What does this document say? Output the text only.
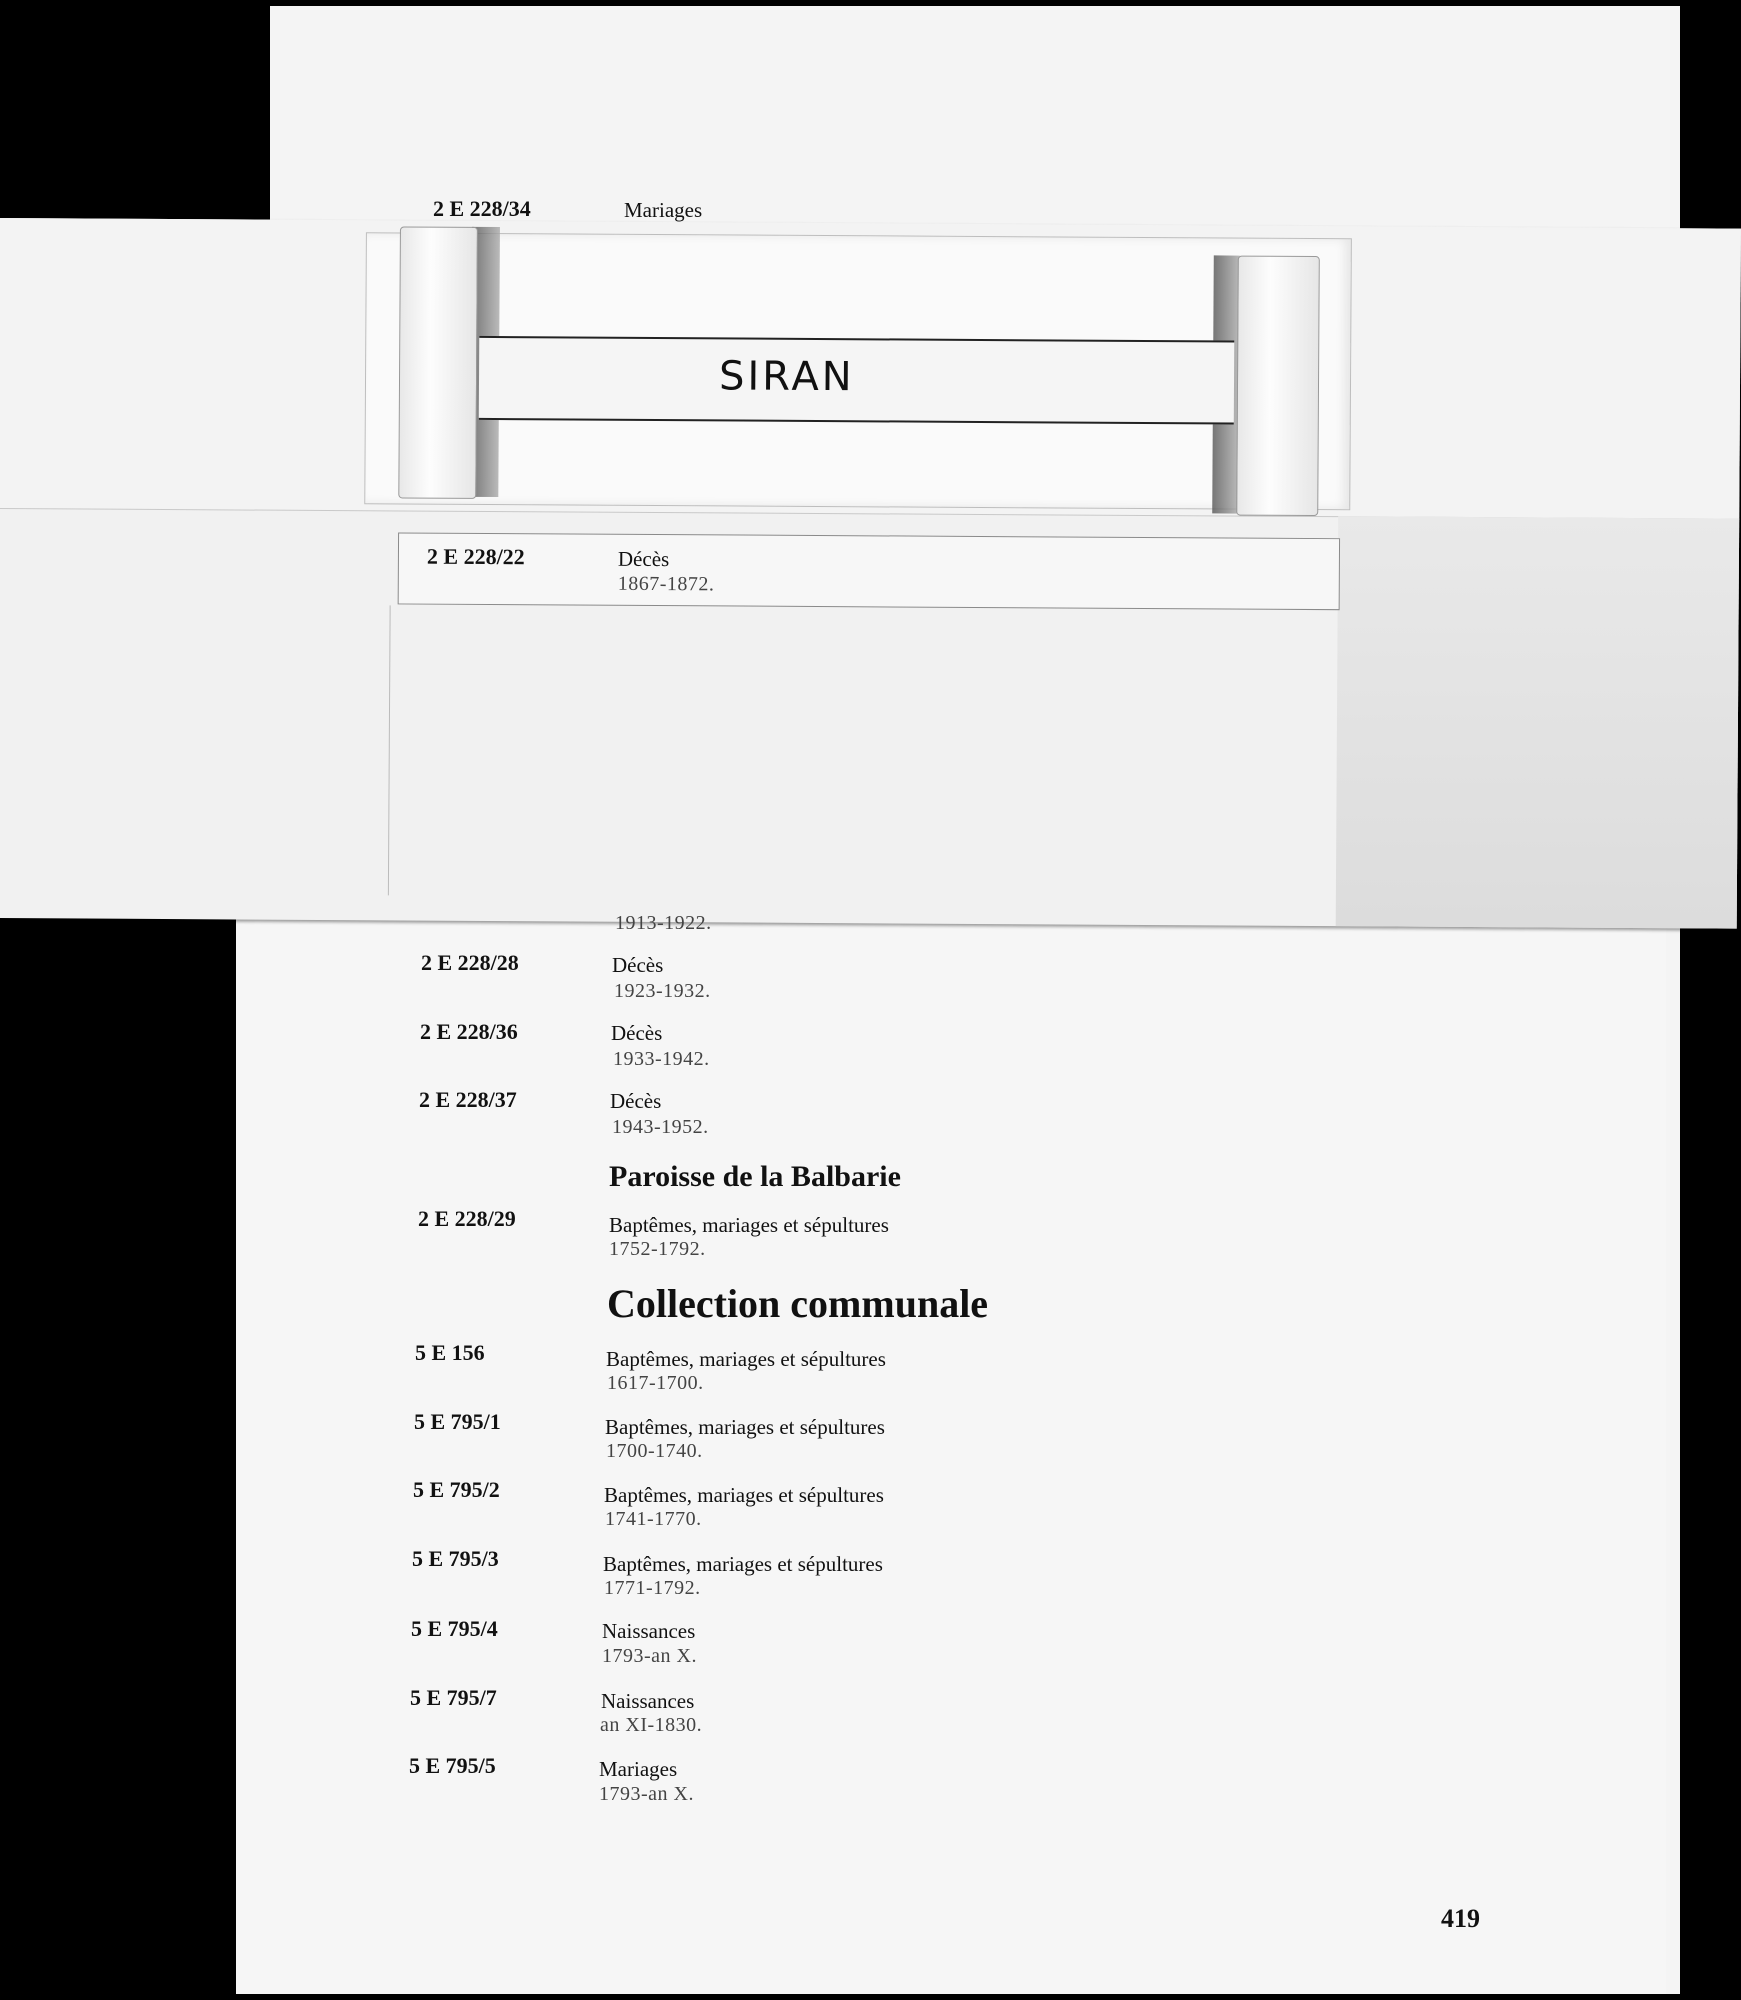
2 E 228/34	Mariages
SIRAN
2 E 228/22	Décès
1867-1872.
1913-1922.
2 E 228/28	Décès
1923-1932.
2 E 228/36	Décès
1933-1942.
2 E 228/37	Décès
1943-1952.
Paroisse de la Balbarie
2 E 228/29	Baptêmes, mariages et sépultures
1752-1792.
Collection communale
5 E 156	Baptêmes, mariages et sépultures
1617-1700.
5 E 795/1	Baptêmes, mariages et sépultures
1700-1740.
5 E 795/2	Baptêmes, mariages et sépultures
1741-1770.
5 E 795/3	Baptêmes, mariages et sépultures
1771-1792.
5 E 795/4	Naissances
1793-an X.
5 E 795/7	Naissances
an XI-1830.
5 E 795/5	Mariages
1793-an X.
419
